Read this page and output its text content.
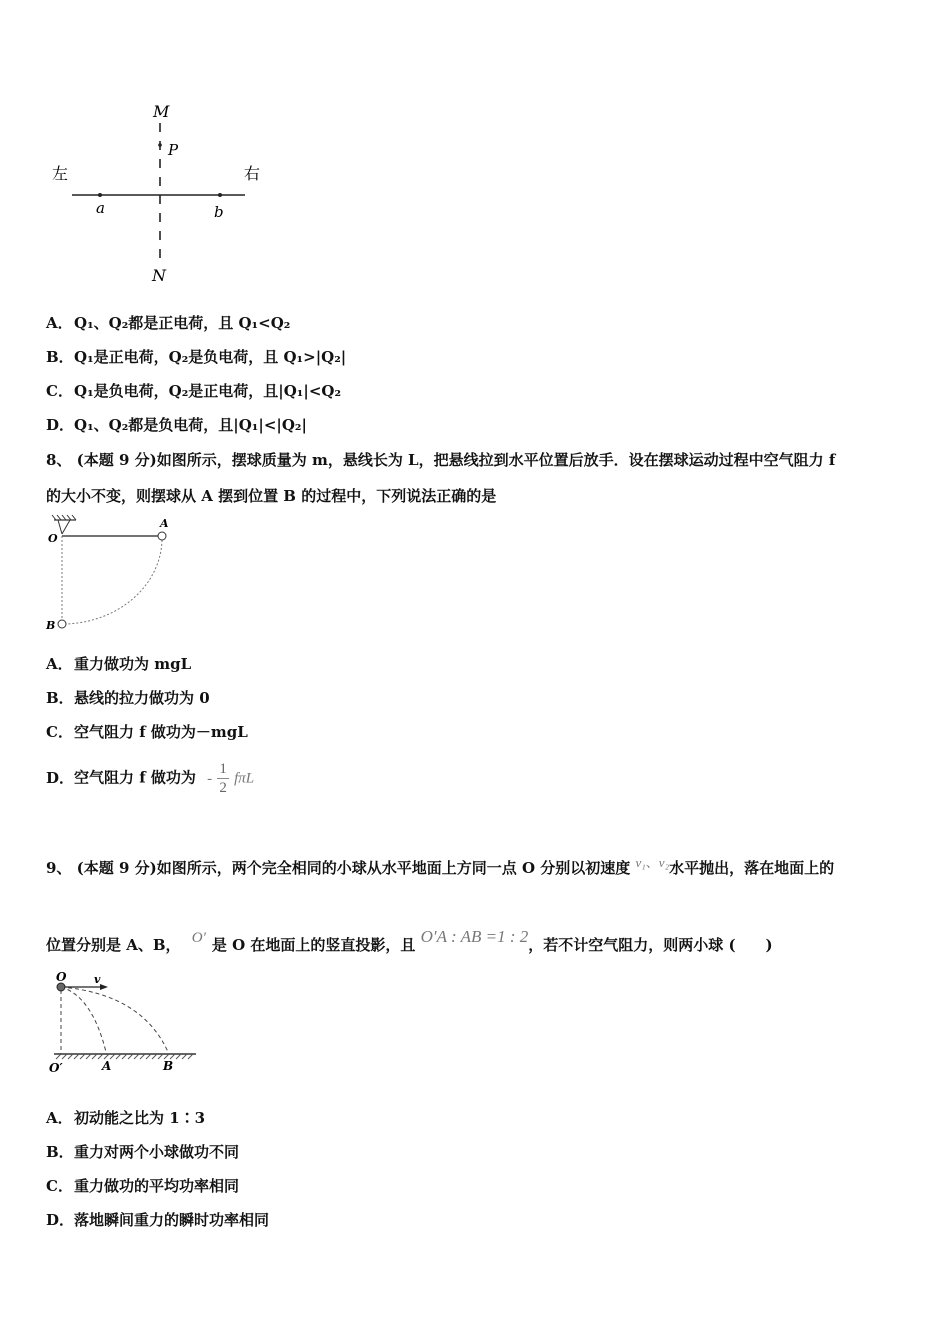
M
P
N
a	b
左	右
A．Q₁、Q₂都是正电荷，且 Q₁<Q₂
B．Q₁是正电荷，Q₂是负电荷，且 Q₁>|Q₂|
C．Q₁是负电荷，Q₂是正电荷，且|Q₁|<Q₂
D．Q₁、Q₂都是负电荷，且|Q₁|<|Q₂|
8、 (本题 9 分)如图所示，摆球质量为 m，悬线长为 L，把悬线拉到水平位置后放手．设在摆球运动过程中空气阻力 f
的大小不变，则摆球从 A 摆到位置 B 的过程中，下列说法正确的是
O
A
B
A．重力做功为 mgL
B．悬线的拉力做功为 0
C．空气阻力 f 做功为－mgL
D．空气阻力 f 做功为 - $\frac{1}{2}$ fπL
9、 (本题 9 分)如图所示，两个完全相同的小球从水平地面上方同一点 O 分别以初速度 v₁、v₂水平抛出，落在地面上的
位置分别是 A、B， O′ 是 O 在地面上的竖直投影，且 O′A : AB =1 : 2，若不计空气阻力，则两小球 (　　)
O	v
O′	A	B
A．初动能之比为 1∶3
B．重力对两个小球做功不同
C．重力做功的平均功率相同
D．落地瞬间重力的瞬时功率相同
